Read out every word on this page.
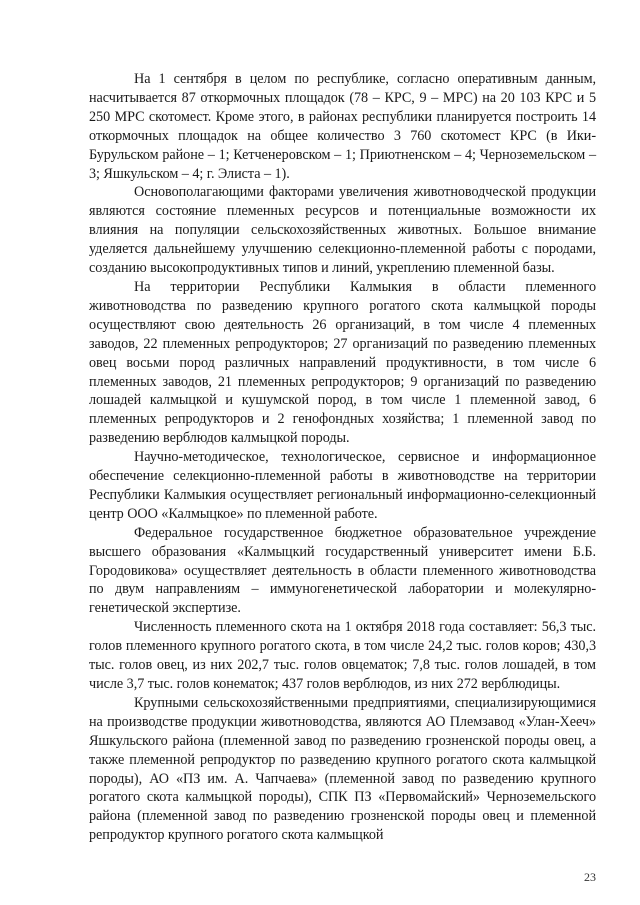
На 1 сентября в целом по республике, согласно оперативным данным, насчитывается 87 откормочных площадок (78 – КРС, 9 – МРС) на 20 103 КРС и 5 250 МРС скотомест. Кроме этого, в районах республики планируется построить 14 откормочных площадок на общее количество 3 760 скотомест КРС (в Ики-Бурульском районе – 1; Кетченеровском – 1; Приютненском – 4; Черноземельском – 3; Яшкульском – 4; г. Элиста – 1).

Основополагающими факторами увеличения животноводческой продукции являются состояние племенных ресурсов и потенциальные возможности их влияния на популяции сельскохозяйственных животных. Большое внимание уделяется дальнейшему улучшению селекционно-племенной работы с породами, созданию высокопродуктивных типов и линий, укреплению племенной базы.

На территории Республики Калмыкия в области племенного животноводства по разведению крупного рогатого скота калмыцкой породы осуществляют свою деятельность 26 организаций, в том числе 4 племенных заводов, 22 племенных репродукторов; 27 организаций по разведению племенных овец восьми пород различных направлений продуктивности, в том числе 6 племенных заводов, 21 племенных репродукторов; 9 организаций по разведению лошадей калмыцкой и кушумской пород, в том числе 1 племенной завод, 6 племенных репродукторов и 2 генофондных хозяйства; 1 племенной завод по разведению верблюдов калмыцкой породы.

Научно-методическое, технологическое, сервисное и информационное обеспечение селекционно-племенной работы в животноводстве на территории Республики Калмыкия осуществляет региональный информационно-селекционный центр ООО «Калмыцкое» по племенной работе.

Федеральное государственное бюджетное образовательное учреждение высшего образования «Калмыцкий государственный университет имени Б.Б. Городовикова» осуществляет деятельность в области племенного животноводства по двум направлениям – иммуногенетической лаборатории и молекулярно-генетической экспертизе.

Численность племенного скота на 1 октября 2018 года составляет: 56,3 тыс. голов племенного крупного рогатого скота, в том числе 24,2 тыс. голов коров; 430,3 тыс. голов овец, из них 202,7 тыс. голов овцематок; 7,8 тыс. голов лошадей, в том числе 3,7 тыс. голов конематок; 437 голов верблюдов, из них 272 верблюдицы.

Крупными сельскохозяйственными предприятиями, специализирующимися на производстве продукции животноводства, являются АО Племзавод «Улан-Хееч» Яшкульского района (племенной завод по разведению грозненской породы овец, а также племенной репродуктор по разведению крупного рогатого скота калмыцкой породы), АО «ПЗ им. А. Чапчаева» (племенной завод по разведению крупного рогатого скота калмыцкой породы), СПК ПЗ «Первомайский» Черноземельского района (племенной завод по разведению грозненской породы овец и племенной репродуктор крупного рогатого скота калмыцкой

23
